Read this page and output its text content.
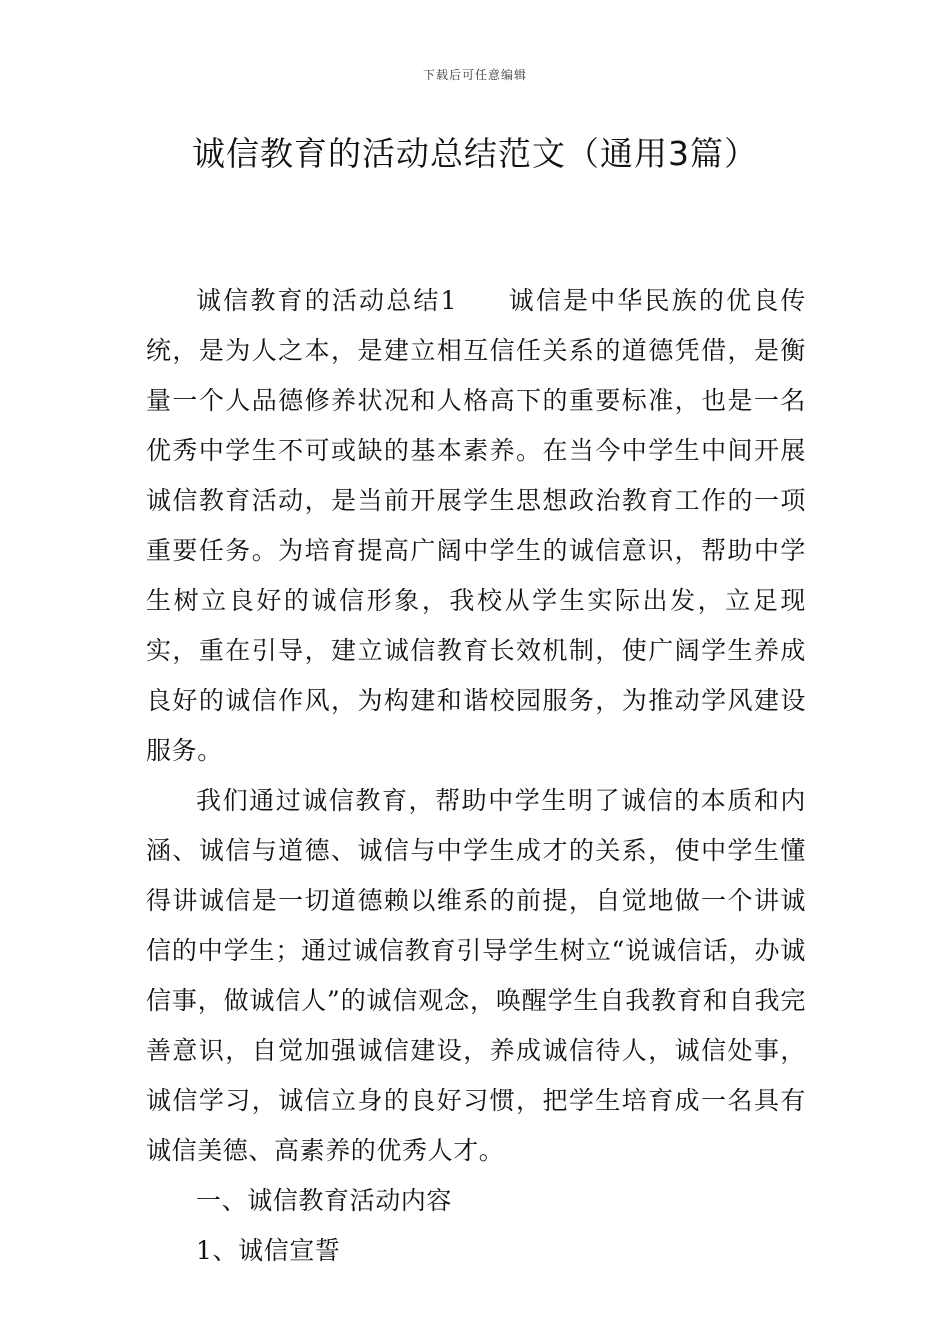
下载后可任意编辑
诚信教育的活动总结范文（通用3篇）

诚信教育的活动总结1 诚信是中华民族的优良传统，是为人之本，是建立相互信任关系的道德凭借，是衡量一个人品德修养状况和人格高下的重要标准，也是一名优秀中学生不可或缺的基本素养。在当今中学生中间开展诚信教育活动，是当前开展学生思想政治教育工作的一项重要任务。为培育提高广阔中学生的诚信意识，帮助中学生树立良好的诚信形象，我校从学生实际出发，立足现实，重在引导，建立诚信教育长效机制，使广阔学生养成良好的诚信作风，为构建和谐校园服务，为推动学风建设服务。

我们通过诚信教育，帮助中学生明了诚信的本质和内涵、诚信与道德、诚信与中学生成才的关系，使中学生懂得讲诚信是一切道德赖以维系的前提，自觉地做一个讲诚信的中学生；通过诚信教育引导学生树立“说诚信话，办诚信事，做诚信人”的诚信观念，唤醒学生自我教育和自我完善意识，自觉加强诚信建设，养成诚信待人，诚信处事，诚信学习，诚信立身的良好习惯，把学生培育成一名具有诚信美德、高素养的优秀人才。

一、诚信教育活动内容

1、诚信宣誓
